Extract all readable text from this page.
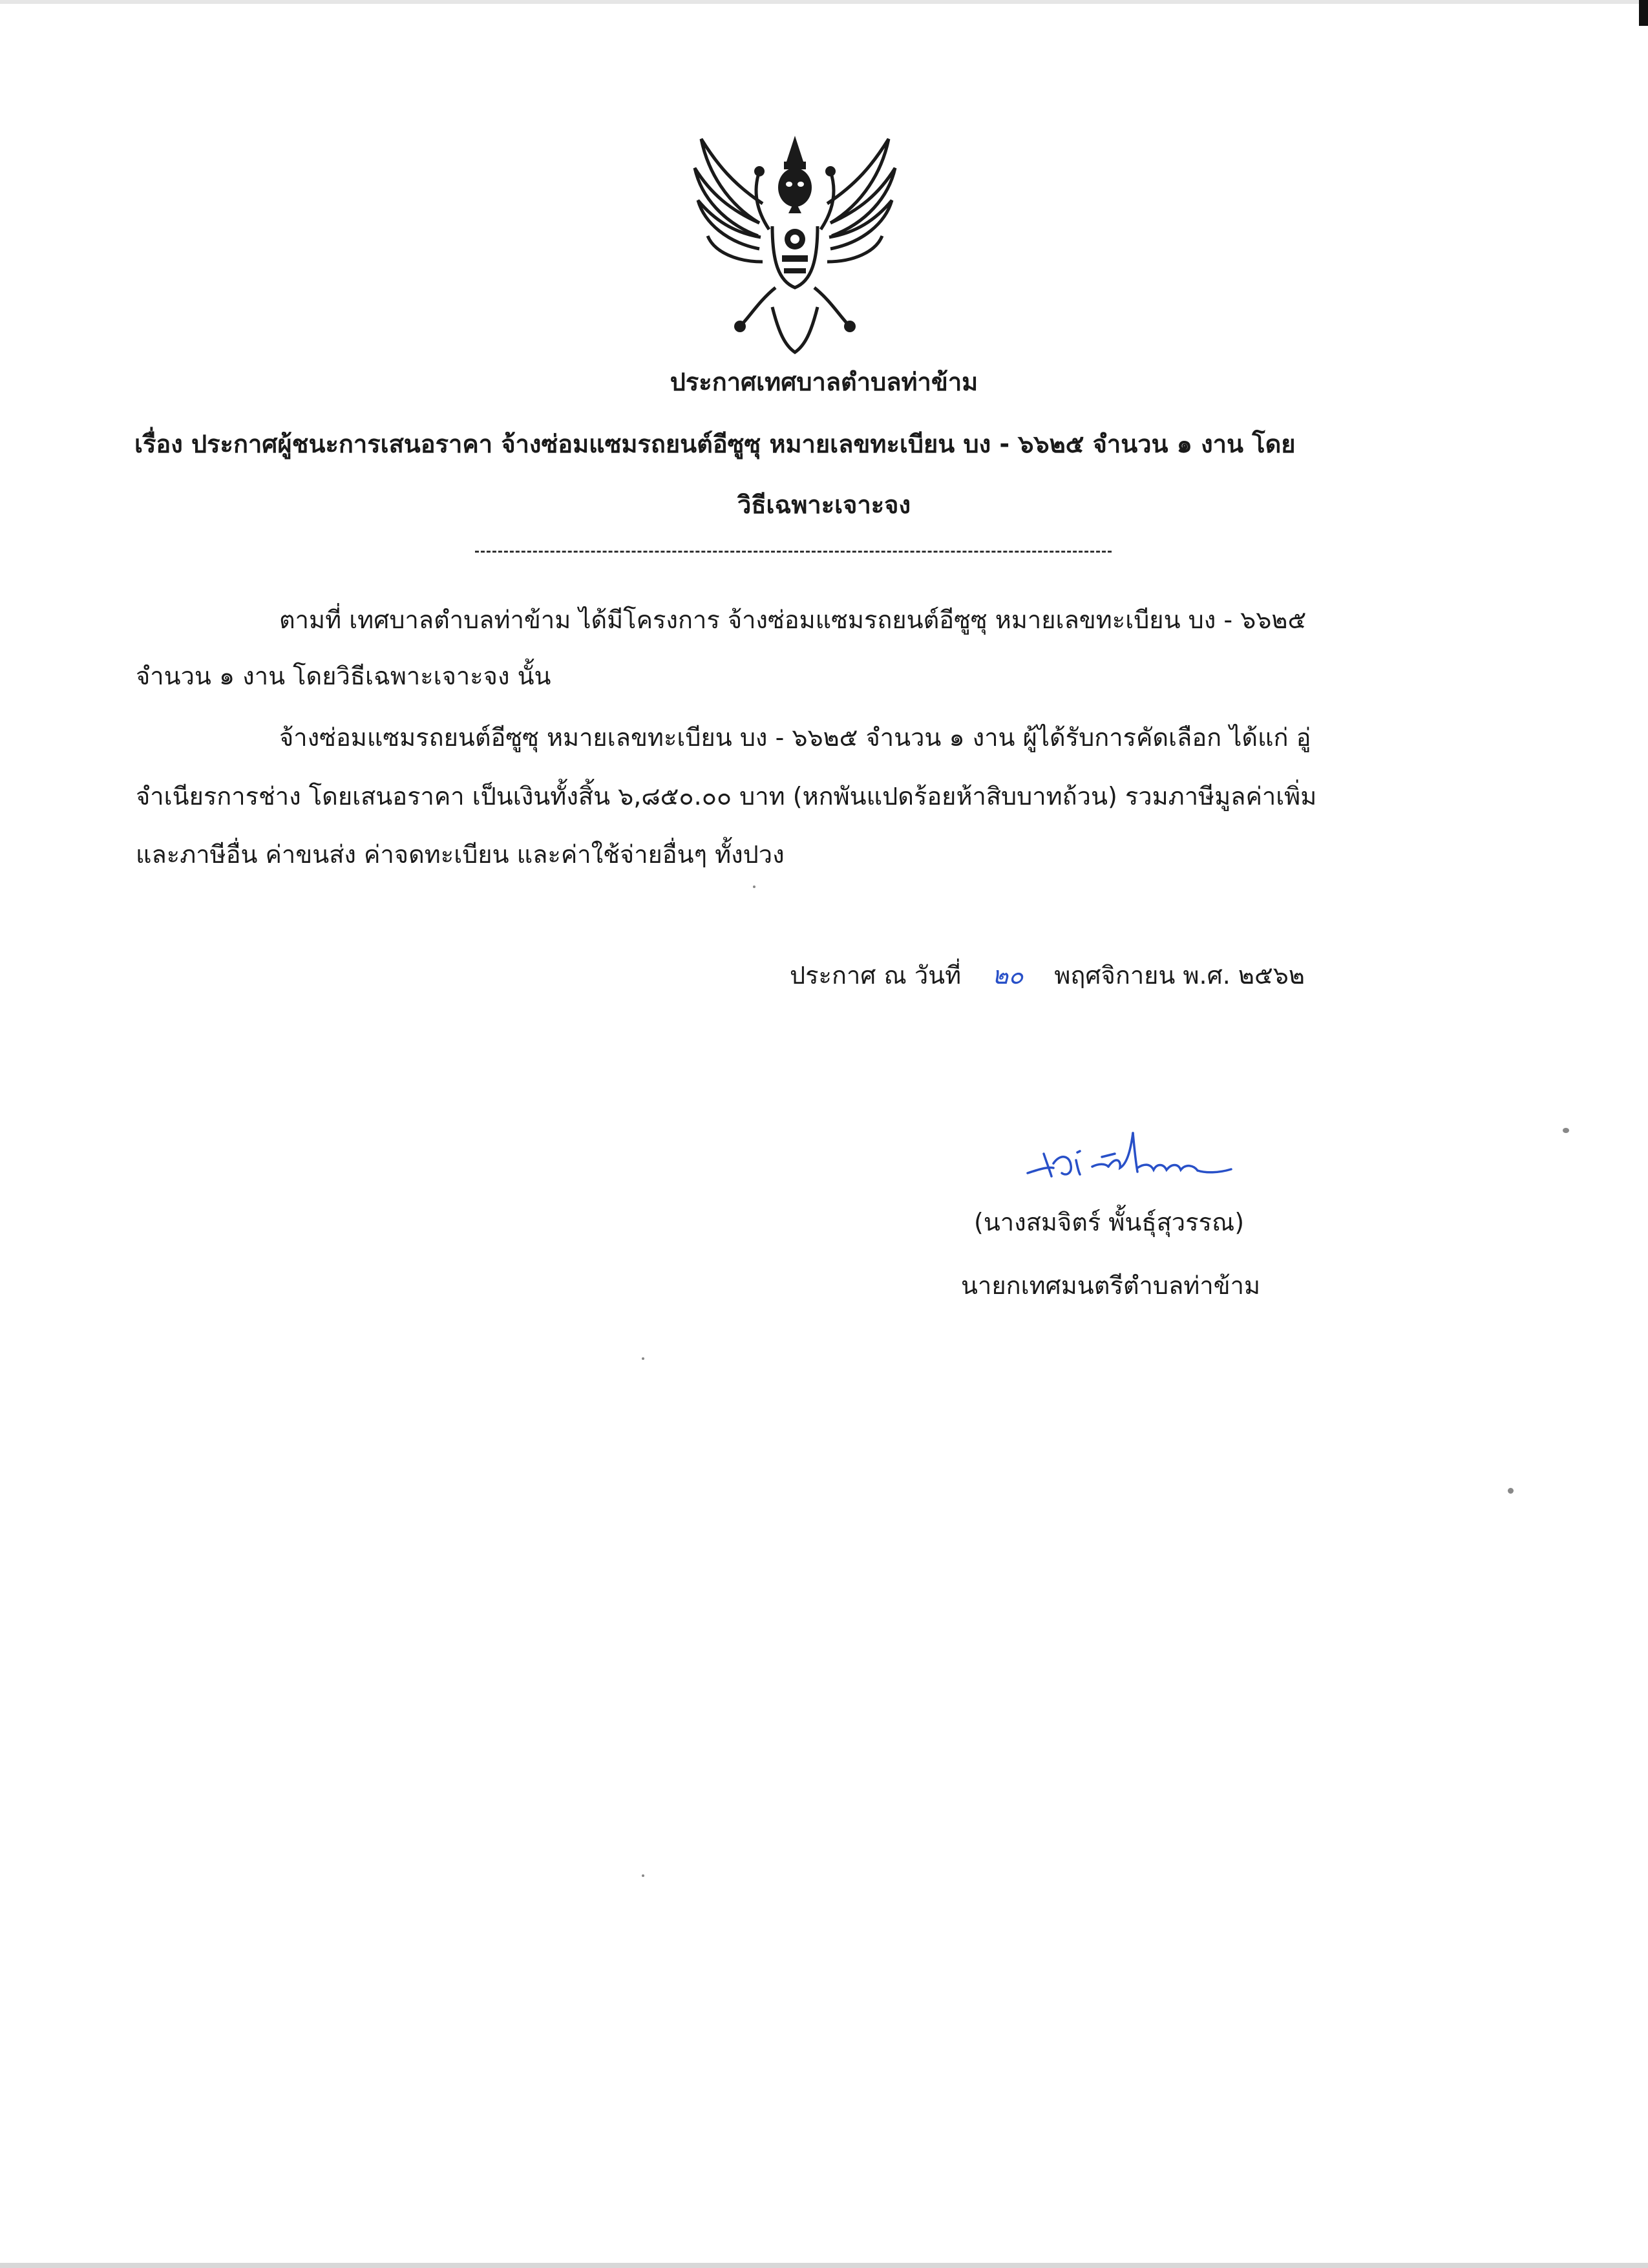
ประกาศเทศบาลตำบลท่าข้าม
เรื่อง ประกาศผู้ชนะการเสนอราคา จ้างซ่อมแซมรถยนต์อีซูซุ หมายเลขทะเบียน บง - ๖๖๒๕ จำนวน ๑ งาน โดย
วิธีเฉพาะเจาะจง
ตามที่ เทศบาลตำบลท่าข้าม ได้มีโครงการ จ้างซ่อมแซมรถยนต์อีซูซุ หมายเลขทะเบียน บง - ๖๖๒๕
จำนวน ๑ งาน โดยวิธีเฉพาะเจาะจง นั้น
จ้างซ่อมแซมรถยนต์อีซูซุ หมายเลขทะเบียน บง - ๖๖๒๕ จำนวน ๑ งาน ผู้ได้รับการคัดเลือก ได้แก่ อู่
จำเนียรการช่าง โดยเสนอราคา เป็นเงินทั้งสิ้น ๖,๘๕๐.๐๐ บาท (หกพันแปดร้อยห้าสิบบาทถ้วน) รวมภาษีมูลค่าเพิ่ม
และภาษีอื่น ค่าขนส่ง ค่าจดทะเบียน และค่าใช้จ่ายอื่นๆ ทั้งปวง
ประกาศ ณ วันที่ ๒๐ พฤศจิกายน พ.ศ. ๒๕๖๒
(นางสมจิตร์ พั้นธุ์สุวรรณ)
นายกเทศมนตรีตำบลท่าข้าม
